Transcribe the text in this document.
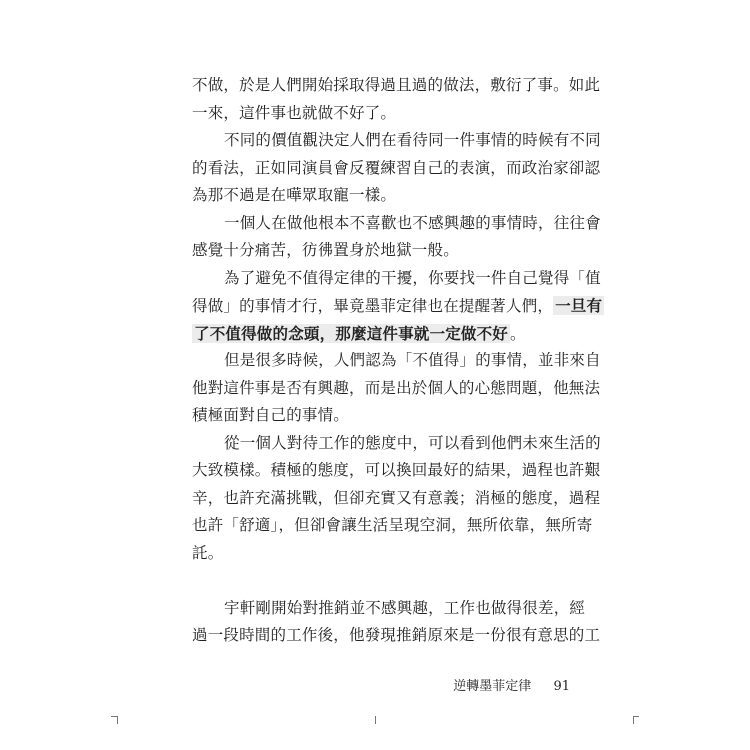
不做，於是人們開始採取得過且過的做法，敷衍了事。如此
一來，這件事也就做不好了。
不同的價值觀決定人們在看待同一件事情的時候有不同
的看法，正如同演員會反覆練習自己的表演，而政治家卻認
為那不過是在嘩眾取寵一樣。
一個人在做他根本不喜歡也不感興趣的事情時，往往會
感覺十分痛苦，彷彿置身於地獄一般。
為了避免不值得定律的干擾，你要找一件自己覺得「值
得做」的事情才行，畢竟墨菲定律也在提醒著人們， 一旦有
了不值得做的念頭，那麼這件事就一定做不好 。
但是很多時候，人們認為「不值得」的事情，並非來自
他對這件事是否有興趣，而是出於個人的心態問題，他無法
積極面對自己的事情。
從一個人對待工作的態度中，可以看到他們未來生活的
大致模樣。積極的態度，可以換回最好的結果，過程也許艱
辛，也許充滿挑戰，但卻充實又有意義；消極的態度，過程
也許「舒適」，但卻會讓生活呈現空洞，無所依靠，無所寄
託。
宇軒剛開始對推銷並不感興趣，工作也做得很差，經
過一段時間的工作後，他發現推銷原來是一份很有意思的工
逆轉墨菲定律 91
